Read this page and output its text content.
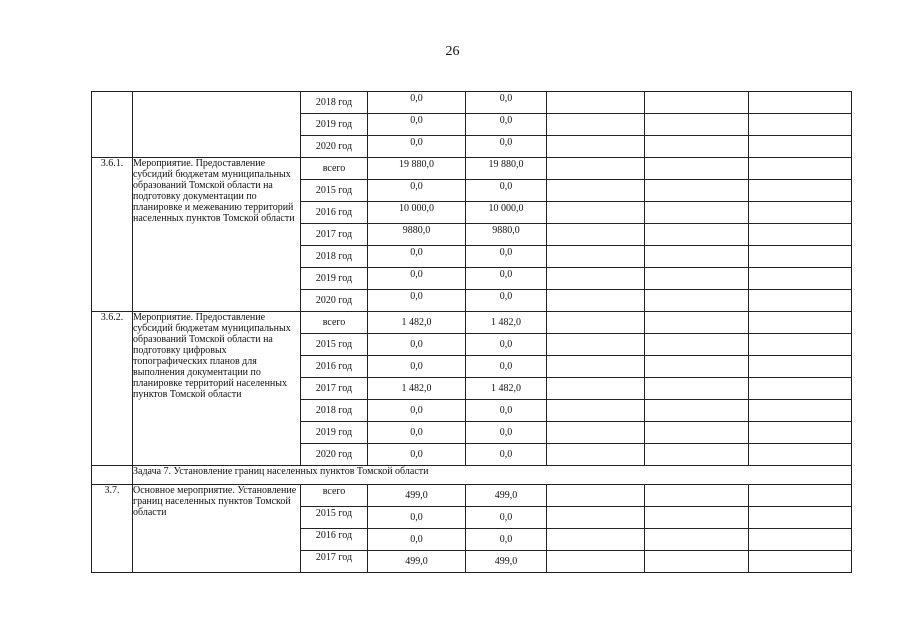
26
		2018 год	0,0	0,0			
		2019 год	0,0	0,0			
		2020 год	0,0	0,0			
3.6.1.	Мероприятие. Предоставление субсидий бюджетам муниципальных образований Томской области на подготовку документации по планировке и межеванию территорий населенных пунктов Томской области	всего	19 880,0	19 880,0			
		2015 год	0,0	0,0			
		2016 год	10 000,0	10 000,0			
		2017 год	9880,0	9880,0			
		2018 год	0,0	0,0			
		2019 год	0,0	0,0			
		2020 год	0,0	0,0			
3.6.2.	Мероприятие. Предоставление субсидий бюджетам муниципальных образований Томской области на подготовку цифровых топографических планов для выполнения документации по планировке территорий населенных пунктов Томской области	всего	1 482,0	1 482,0			
		2015 год	0,0	0,0			
		2016 год	0,0	0,0			
		2017 год	1 482,0	1 482,0			
		2018 год	0,0	0,0			
		2019 год	0,0	0,0			
		2020 год	0,0	0,0			
	Задача 7. Установление границ населенных пунктов Томской области						
3.7.	Основное мероприятие. Установление границ населенных пунктов Томской области	всего	499,0	499,0			
		2015 год	0,0	0,0			
		2016 год	0,0	0,0			
		2017 год	499,0	499,0			
